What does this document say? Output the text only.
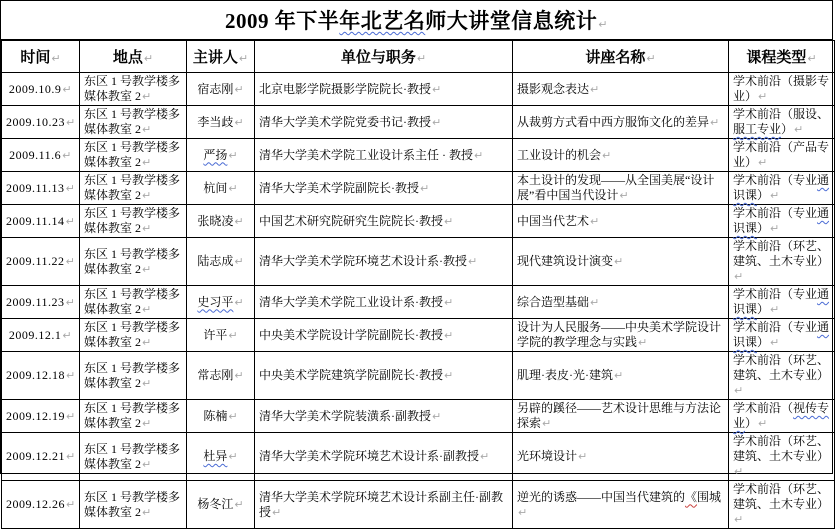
2009 年下半年北艺名师大讲堂信息统计↵
时间↵	地点↵	主讲人↵	单位与职务↵	讲座名称↵	课程类型↵
2009.10.9↵	东区 1 号教学楼多媒体教室 2↵	宿志刚↵	北京电影学院摄影学院院长·教授↵	摄影观念表达↵	学术前沿（摄影专业）↵
2009.10.23↵	东区 1 号教学楼多媒体教室 2↵	李当歧↵	清华大学美术学院党委书记·教授↵	从裁剪方式看中西方服饰文化的差异↵	学术前沿（服设、服工专业）↵
2009.11.6↵	东区 1 号教学楼多媒体教室 2↵	严扬↵	清华大学美术学院工业设计系主任 · 教授↵	工业设计的机会↵	学术前沿（产品专业）↵
2009.11.13↵	东区 1 号教学楼多媒体教室 2↵	杭间↵	清华大学美术学院副院长·教授↵	本土设计的发现——从全国美展“设计展”看中国当代设计↵	学术前沿（专业通识课）↵
2009.11.14↵	东区 1 号教学楼多媒体教室 2↵	张晓凌↵	中国艺术研究院研究生院院长·教授↵	中国当代艺术↵	学术前沿（专业通识课）↵
2009.11.22↵	东区 1 号教学楼多媒体教室 2↵	陆志成↵	清华大学美术学院环境艺术设计系·教授↵	现代建筑设计演变↵	学术前沿（环艺、建筑、土木专业）↵
2009.11.23↵	东区 1 号教学楼多媒体教室 2↵	史习平↵	清华大学美术学院工业设计系·教授↵	综合造型基础↵	学术前沿（专业通识课）↵
2009.12.1↵	东区 1 号教学楼多媒体教室 2↵	许平↵	中央美术学院设计学院副院长·教授↵	设计为人民服务——中央美术学院设计学院的教学理念与实践↵	学术前沿（专业通识课）↵
2009.12.18↵	东区 1 号教学楼多媒体教室 2↵	常志刚↵	中央美术学院建筑学院副院长·教授↵	肌理·表皮·光·建筑↵	学术前沿（环艺、建筑、土木专业）↵
2009.12.19↵	东区 1 号教学楼多媒体教室 2↵	陈楠↵	清华大学美术学院装潢系·副教授↵	另辟的蹊径——艺术设计思维与方法论探索↵	学术前沿（视传专业）↵
2009.12.21↵	东区 1 号教学楼多媒体教室 2↵	杜异↵	清华大学美术学院环境艺术设计系·副教授↵	光环境设计↵	学术前沿（环艺、建筑、土木专业）↵
2009.12.26↵	东区 1 号教学楼多媒体教室 2↵	杨冬江↵	清华大学美术学院环境艺术设计系副主任·副教授↵	逆光的诱惑——中国当代建筑的《围城↵	学术前沿（环艺、建筑、土木专业）↵
